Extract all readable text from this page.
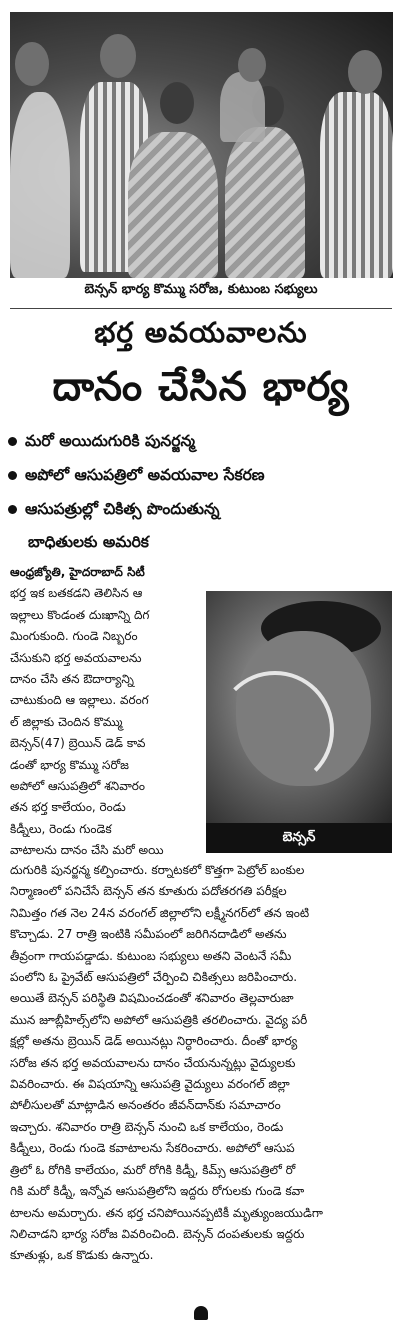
బెన్సన్ భార్య కొమ్ము సరోజ, కుటుంబ సభ్యులు
భర్త అవయవాలను
దానం చేసిన భార్య
మరో అయిదుగురికి పునర్జన్మ
అపోలో ఆసుపత్రిలో అవయవాల సేకరణ
ఆసుపత్రుల్లో చికిత్స పొందుతున్న
బాధితులకు అమరిక
ఆంధ్రజ్యోతి, హైదరాబాద్ సిటీ
భర్త ఇక బతకడని తెలిసిన ఆ
ఇల్లాలు కొండంత దుఃఖాన్ని దిగ
మింగుకుంది. గుండె నిబ్బరం
చేసుకుని భర్త అవయవాలను
దానం చేసి తన ఔదార్యాన్ని
చాటుకుంది ఆ ఇల్లాలు. వరంగ
ల్ జిల్లాకు చెందిన కొమ్ము
బెన్సన్(47) బ్రెయిన్ డెడ్ కావ
డంతో భార్య కొమ్ము సరోజ
అపోలో ఆసుపత్రిలో శనివారం
తన భర్త కాలేయం, రెండు
కిడ్నీలు, రెండు గుండెక
వాటాలను దానం చేసి మరో అయి
బెన్సన్
దుగురికి పునర్జన్మ కల్పించారు. కర్నాటకలో కొత్తగా పెట్రోల్ బంకుల
నిర్మాణంలో పనిచేసే బెన్సన్ తన కూతురు పదోతరగతి పరీక్షల
నిమిత్తం గత నెల 24న వరంగల్ జిల్లాలోని లక్ష్మీనగర్‌లో తన ఇంటి
కొచ్చాడు. 27 రాత్రి ఇంటికి సమీపంలో జరిగినదాడిలో అతను
తీవ్రంగా గాయపడ్డాడు. కుటుంబ సభ్యులు అతని వెంటనే సమీ
పంలోని ఓ ప్రైవేట్ ఆసుపత్రిలో చేర్పించి చికిత్సలు జరిపించారు.
అయితే బెన్సన్ పరిస్థితి విషమించడంతో శనివారం తెల్లవారుజా
మున జూబ్లీహిల్స్‌లోని అపోలో ఆసుపత్రికి తరలించారు. వైద్య పరీ
క్షల్లో అతను బ్రెయిన్ డెడ్ అయినట్లు నిర్ధారించారు. దీంతో భార్య
సరోజ తన భర్త అవయవాలను దానం చేయనున్నట్లు వైద్యులకు
వివరించారు. ఈ విషయాన్ని ఆసుపత్రి వైద్యులు వరంగల్ జిల్లా
పోలీసులతో మాట్లాడిన అనంతరం జీవన్‌దాన్‌కు సమాచారం
ఇచ్చారు. శనివారం రాత్రి బెన్సన్ నుంచి ఒక కాలేయం, రెండు
కిడ్నీలు, రెండు గుండె కవాటాలను సేకరించారు. అపోలో ఆసుప
త్రిలో ఓ రోగికి కాలేయం, మరో రోగికి కిడ్నీ, కిమ్స్ ఆసుపత్రిలో రో
గికి మరో కిడ్నీ, ఇన్నోవ ఆసుపత్రిలోని ఇద్దరు రోగులకు గుండె కవా
టాలను అమర్చారు. తన భర్త చనిపోయినప్పటికీ మృత్యుంజయుడిగా
నిలిచాడని భార్య సరోజ వివరించింది. బెన్సన్ దంపతులకు ఇద్దరు
కూతుళ్లు, ఒక కొడుకు ఉన్నారు.
